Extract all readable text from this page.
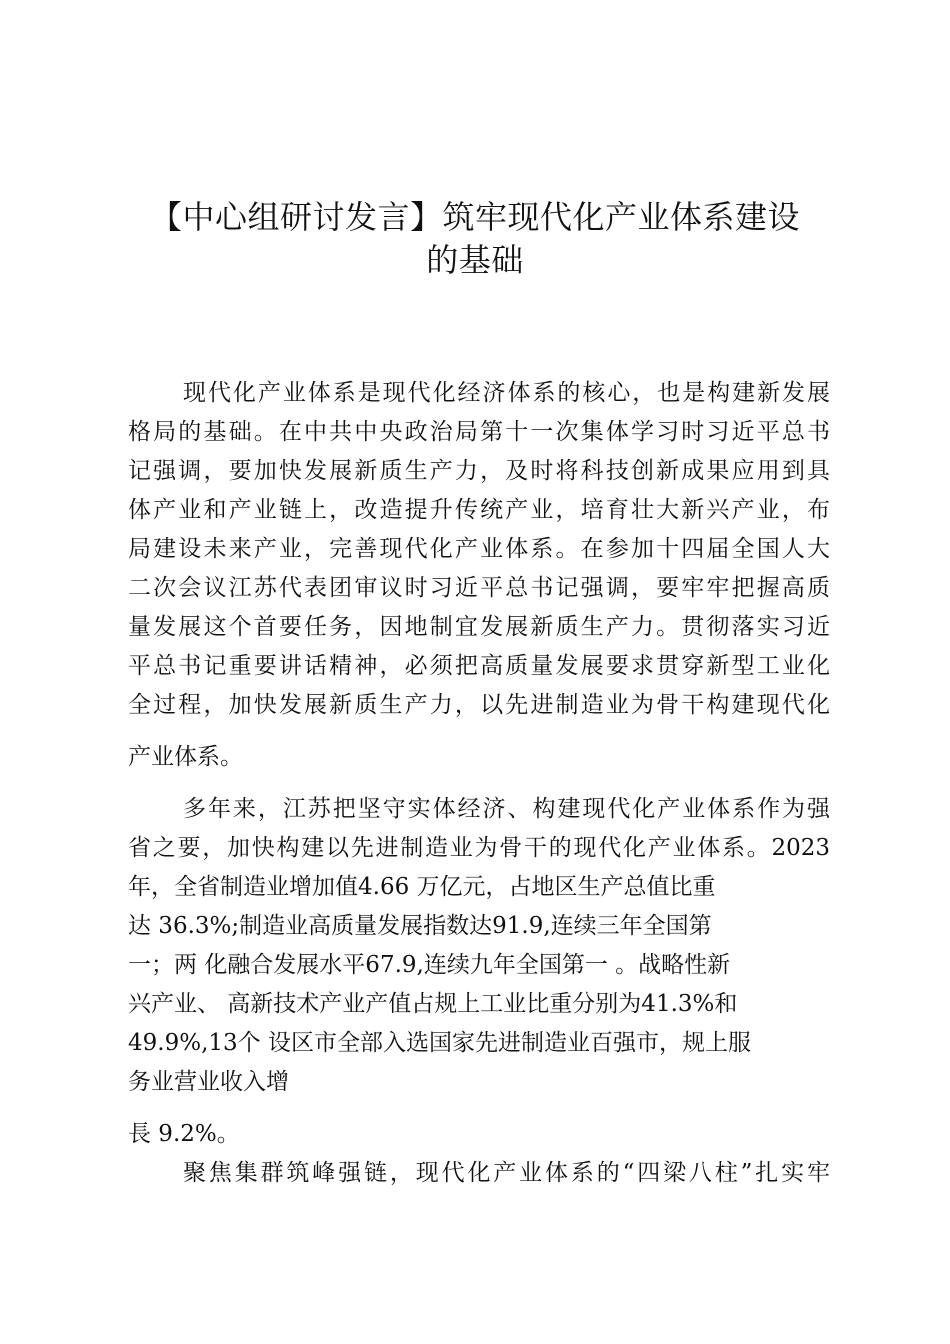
【中心组研讨发言】筑牢现代化产业体系建设
的基础
现代化产业体系是现代化经济体系的核心，也是构建新发展
格局的基础。在中共中央政治局第十一次集体学习时习近平总书
记强调，要加快发展新质生产力，及时将科技创新成果应用到具
体产业和产业链上，改造提升传统产业，培育壮大新兴产业，布
局建设未来产业，完善现代化产业体系。在参加十四届全国人大
二次会议江苏代表团审议时习近平总书记强调，要牢牢把握高质
量发展这个首要任务，因地制宜发展新质生产力。贯彻落实习近
平总书记重要讲话精神，必须把高质量发展要求贯穿新型工业化
全过程，加快发展新质生产力，以先进制造业为骨干构建现代化
产业体系。
多年来，江苏把坚守实体经济、构建现代化产业体系作为强
省之要，加快构建以先进制造业为骨干的现代化产业体系。2023
年，全省制造业增加值4.66 万亿元，占地区生产总值比重
达 36.3%;制造业高质量发展指数达91.9,连续三年全国第
一；两 化融合发展水平67.9,连续九年全国第一 。战略性新
兴产业、 高新技术产业产值占规上工业比重分别为41.3%和
49.9%,13个 设区市全部入选国家先进制造业百强市，规上服
务业营业收入增
長 9.2%。
聚焦集群筑峰强链，现代化产业体系的“四梁八柱”扎实牢
